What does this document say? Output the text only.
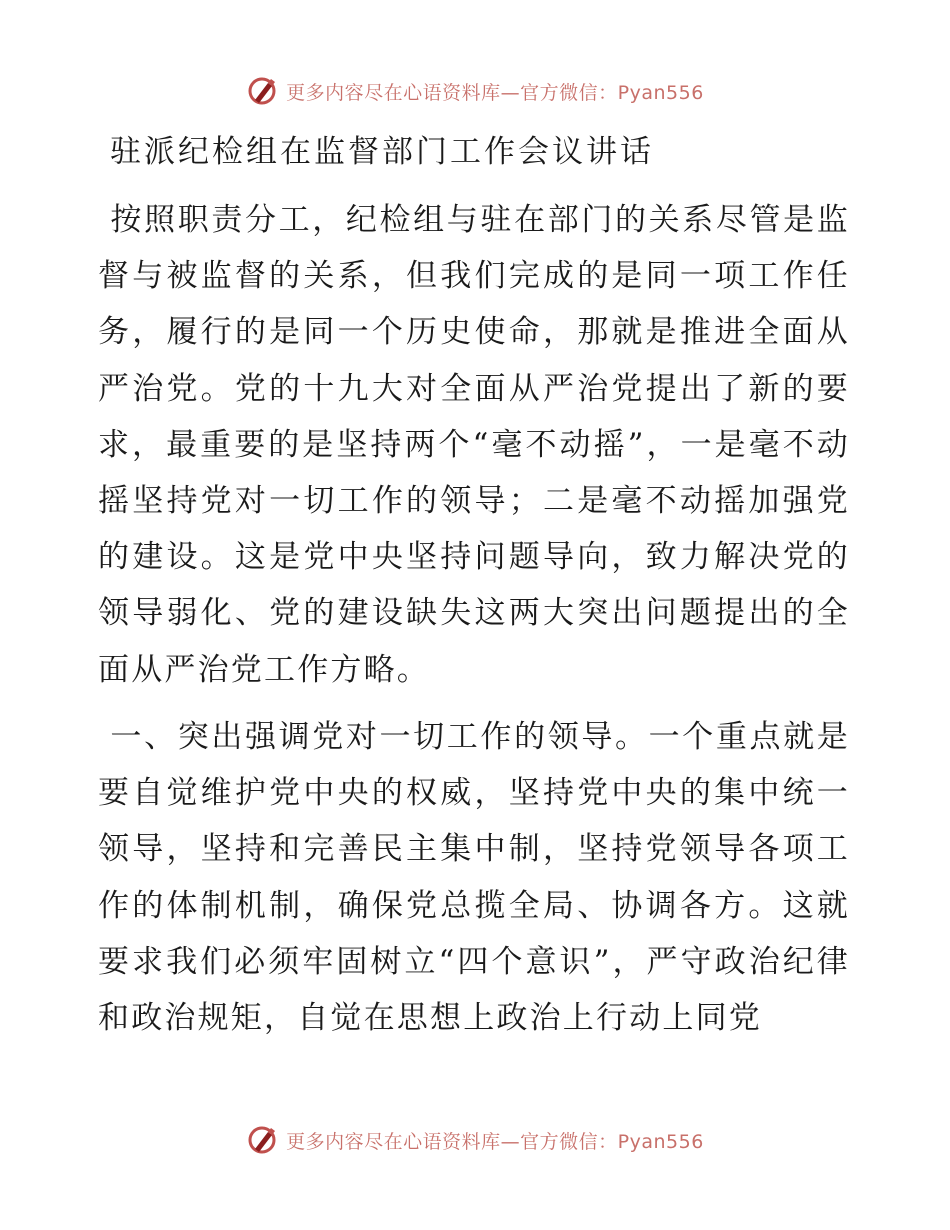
更多内容尽在心语资料库—官方微信：Pyan556
驻派纪检组在监督部门工作会议讲话

按照职责分工，纪检组与驻在部门的关系尽管是监督与被监督的关系，但我们完成的是同一项工作任务，履行的是同一个历史使命，那就是推进全面从严治党。党的十九大对全面从严治党提出了新的要求，最重要的是坚持两个“毫不动摇”，一是毫不动摇坚持党对一切工作的领导；二是毫不动摇加强党的建设。这是党中央坚持问题导向，致力解决党的领导弱化、党的建设缺失这两大突出问题提出的全面从严治党工作方略。

一、突出强调党对一切工作的领导。一个重点就是要自觉维护党中央的权威，坚持党中央的集中统一领导，坚持和完善民主集中制，坚持党领导各项工作的体制机制，确保党总揽全局、协调各方。这就要求我们必须牢固树立“四个意识”，严守政治纪律和政治规矩，自觉在思想上政治上行动上同党

更多内容尽在心语资料库—官方微信：Pyan556
